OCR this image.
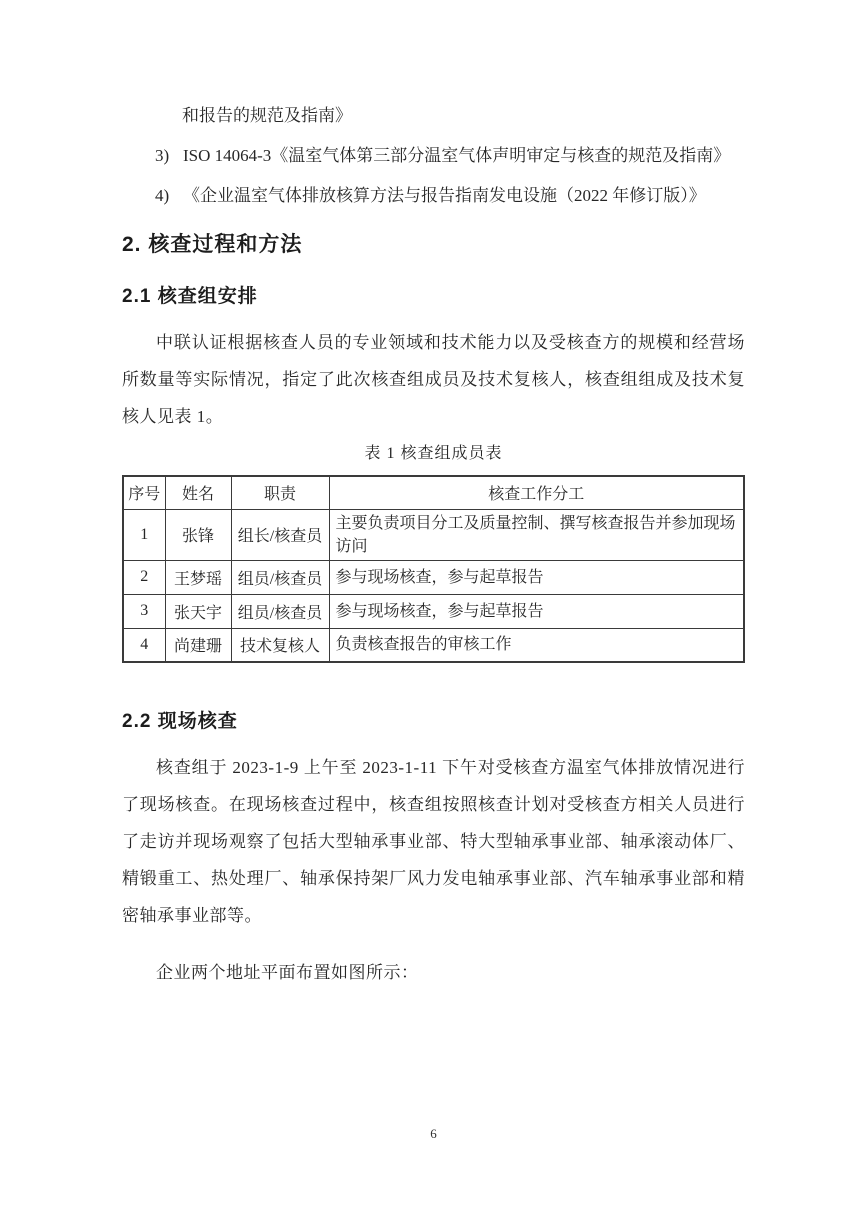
和报告的规范及指南》

3) ISO 14064-3《温室气体第三部分温室气体声明审定与核查的规范及指南》
4) 《企业温室气体排放核算方法与报告指南发电设施（2022 年修订版）》
2. 核查过程和方法
2.1 核查组安排

中联认证根据核查人员的专业领域和技术能力以及受核查方的规模和经营场所数量等实际情况，指定了此次核查组成员及技术复核人，核查组组成及技术复核人见表 1。

表 1 核查组成员表

序号	姓名	职责	核查工作分工
1	张锋	组长/核查员	主要负责项目分工及质量控制、撰写核查报告并参加现场访问
2	王梦瑶	组员/核查员	参与现场核查，参与起草报告
3	张天宇	组员/核查员	参与现场核查，参与起草报告
4	尚建珊	技术复核人	负责核查报告的审核工作
2.2 现场核查

核查组于 2023-1-9 上午至 2023-1-11 下午对受核查方温室气体排放情况进行了现场核查。在现场核查过程中，核查组按照核查计划对受核查方相关人员进行了走访并现场观察了包括大型轴承事业部、特大型轴承事业部、轴承滚动体厂、精锻重工、热处理厂、轴承保持架厂风力发电轴承事业部、汽车轴承事业部和精密轴承事业部等。

企业两个地址平面布置如图所示：

6
